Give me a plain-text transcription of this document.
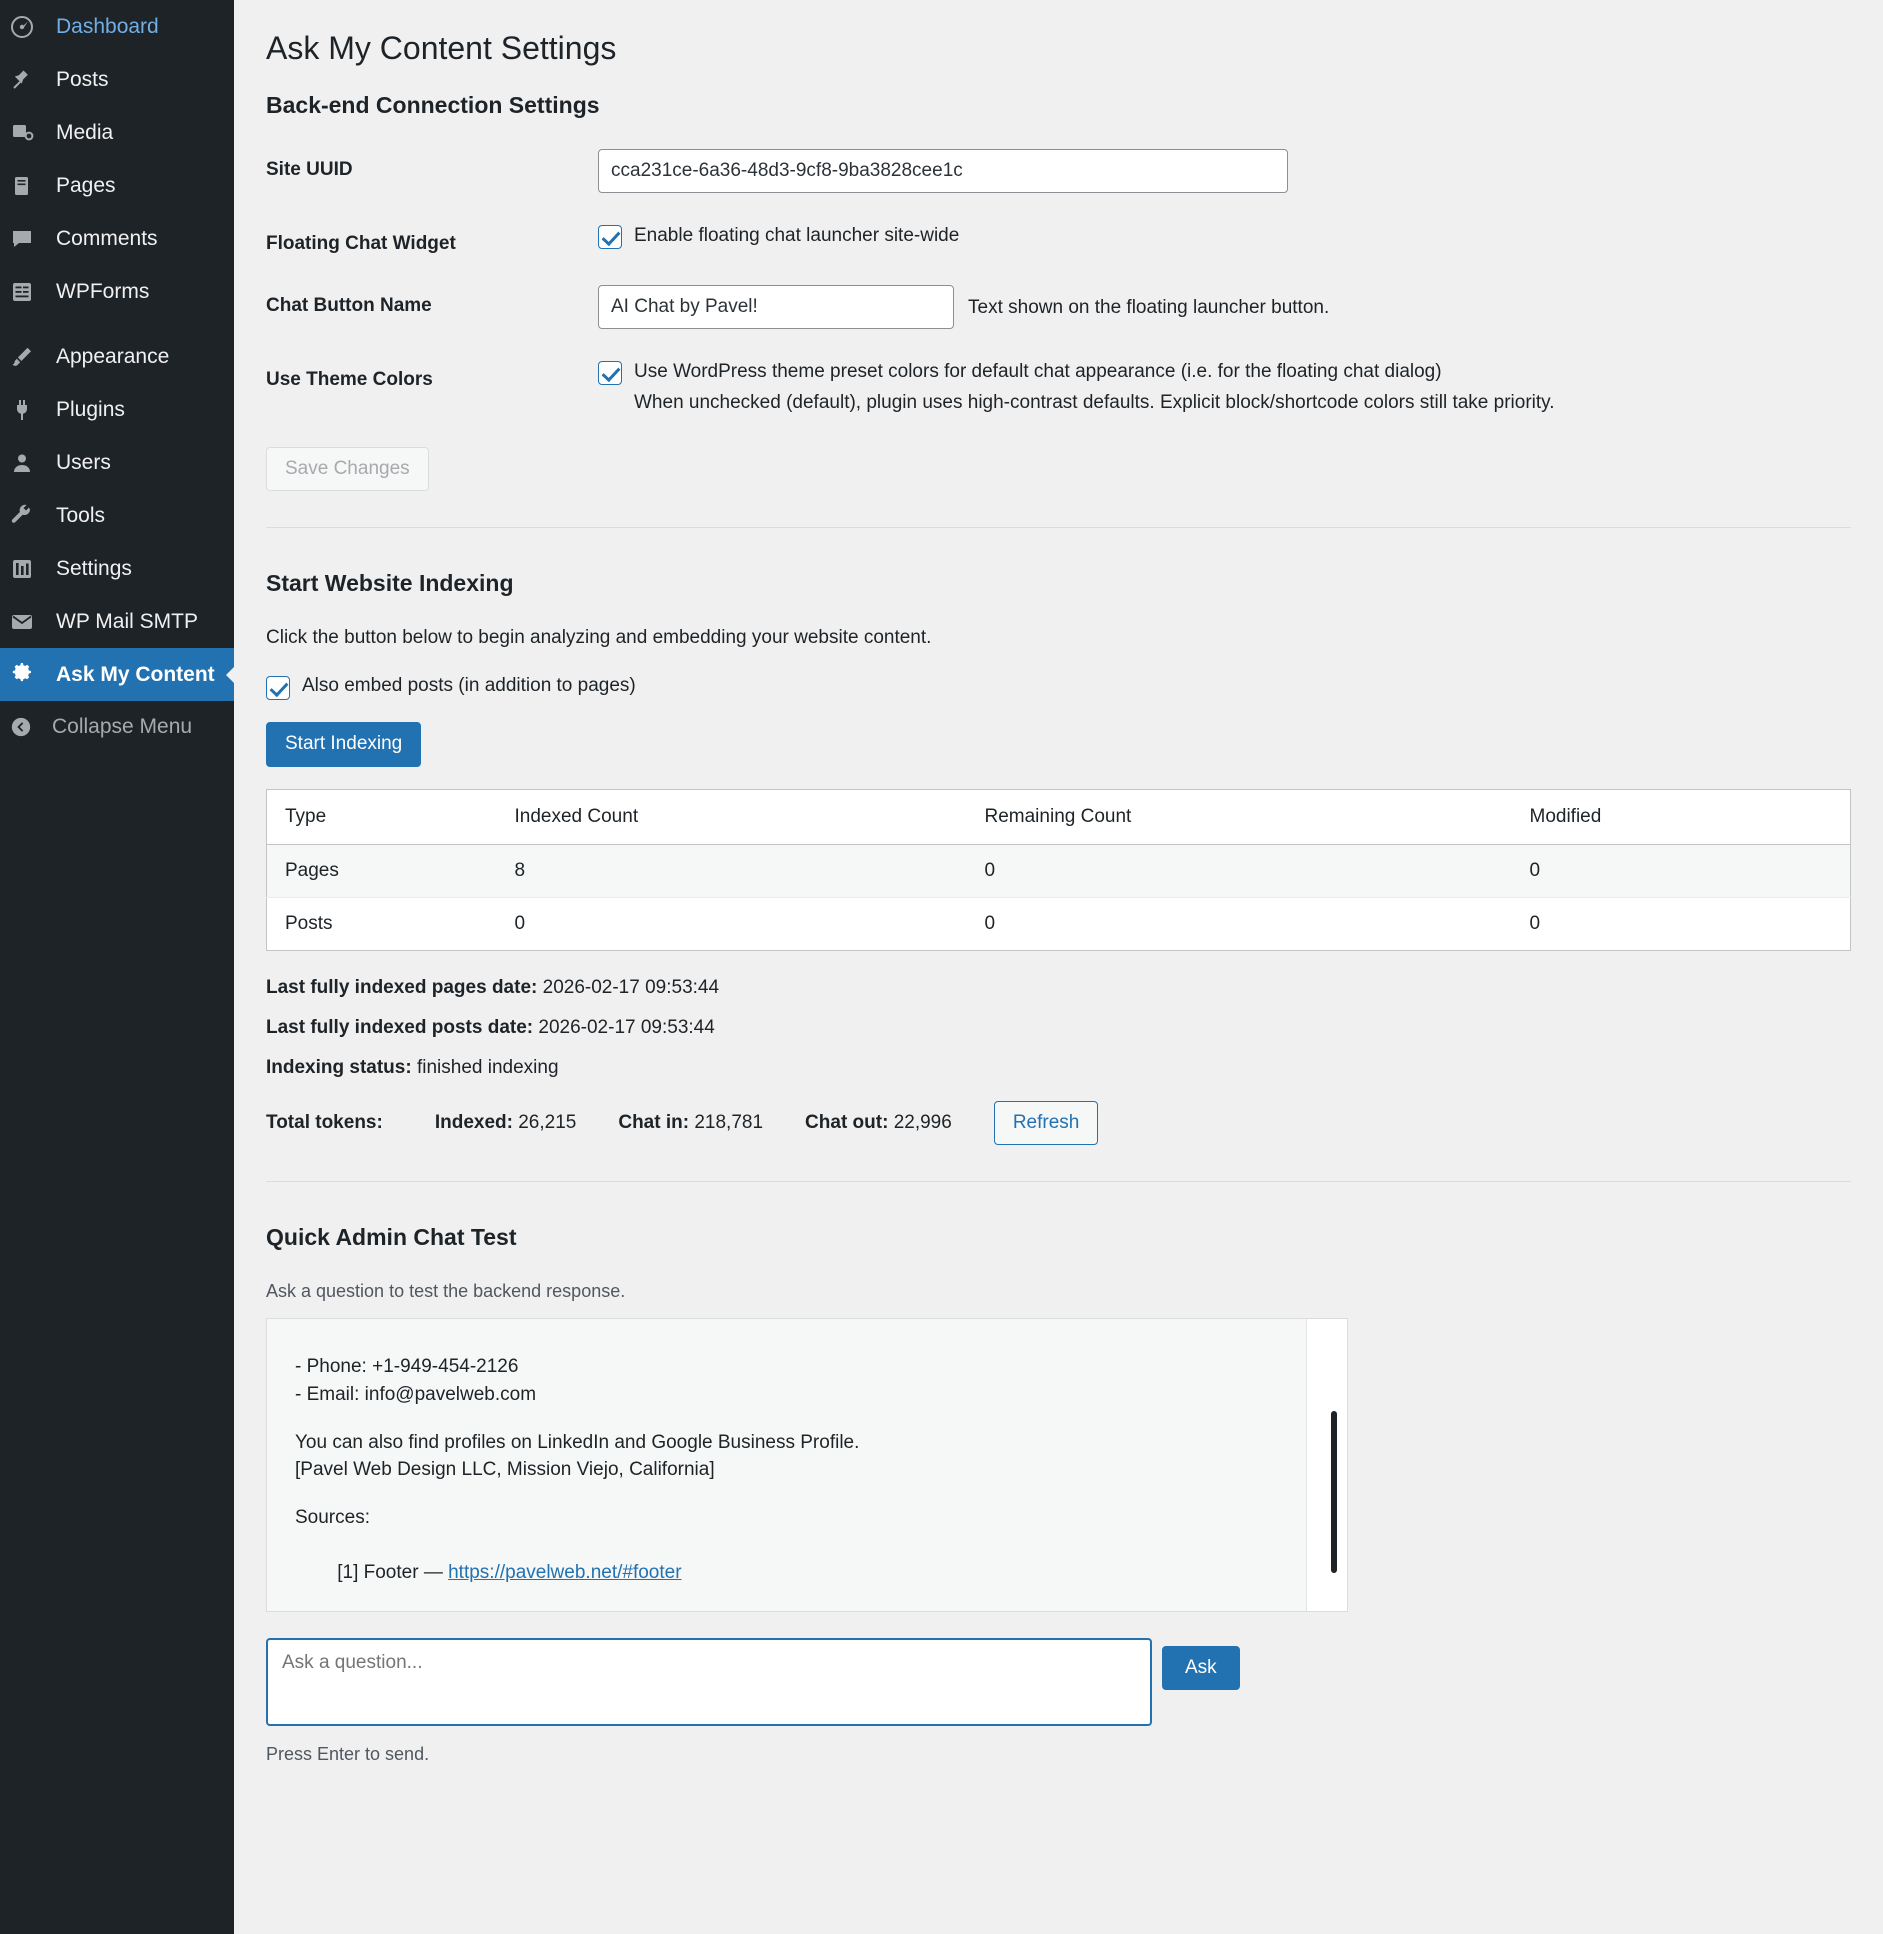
Dashboard
Posts
Media
Pages
Comments
WPForms
Appearance
Plugins
Users
Tools
Settings
WP Mail SMTP
Ask My Content
Collapse Menu
Ask My Content Settings
Back-end Connection Settings
Site UUID
cca231ce-6a36-48d3-9cf8-9ba3828cee1c
Floating Chat Widget	Enable floating chat launcher site-wide
Chat Button Name
AI Chat by Pavel!	Text shown on the floating launcher button.
Use Theme Colors	Use WordPress theme preset colors for default chat appearance (i.e. for the floating chat dialog)
When unchecked (default), plugin uses high-contrast defaults. Explicit block/shortcode colors still take priority.
Save Changes
Start Website Indexing

Click the button below to begin analyzing and embedding your website content.

Also embed posts (in addition to pages)
Start Indexing
Type	Indexed Count	Remaining Count	Modified
Pages	8	0	0
Posts	0	0	0
Last fully indexed pages date: 2026-02-17 09:53:44
Last fully indexed posts date: 2026-02-17 09:53:44
Indexing status: finished indexing
Total tokens:	Indexed: 26,215 Chat in: 218,781 Chat out: 22,996	Refresh
Quick Admin Chat Test

Ask a question to test the backend response.

- Phone: +1-949-454-2126
- Email: info@pavelweb.com
You can also find profiles on LinkedIn and Google Business Profile.
[Pavel Web Design LLC, Mission Viejo, California]
Sources:

[1] Footer — https://pavelweb.net/#footer

Ask a question...
Ask
Press Enter to send.
